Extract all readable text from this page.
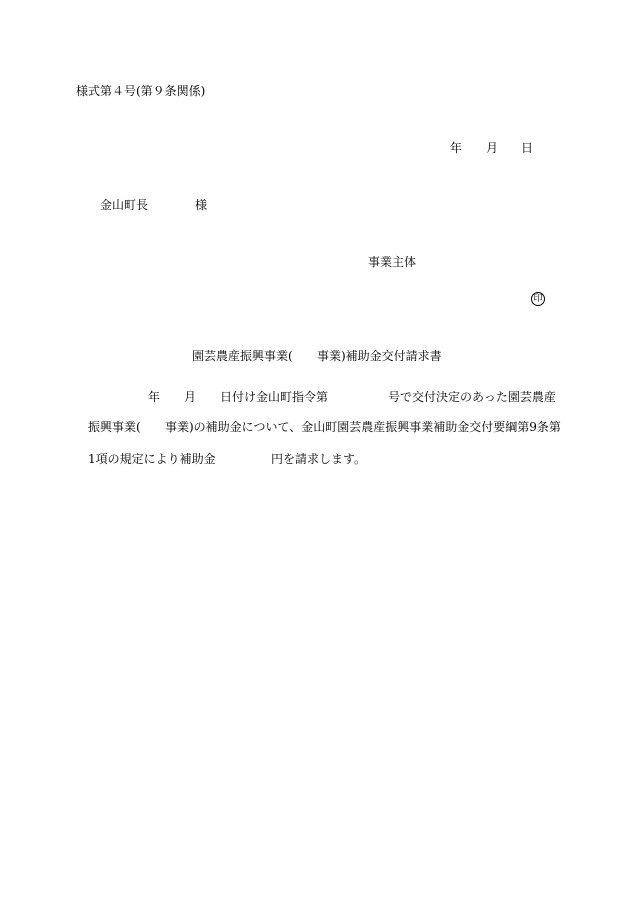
様式第４号(第９条関係)
年 月 日
金山町長	様
事業主体
印
園芸農産振興事業( 事業)補助金交付請求書
年 月 日付け金山町指令第	号で交付決定のあった園芸農産
振興事業( 事業)の補助金について、金山町園芸農産振興事業補助金交付要綱第9条第
1項の規定により補助金	円を請求します。
